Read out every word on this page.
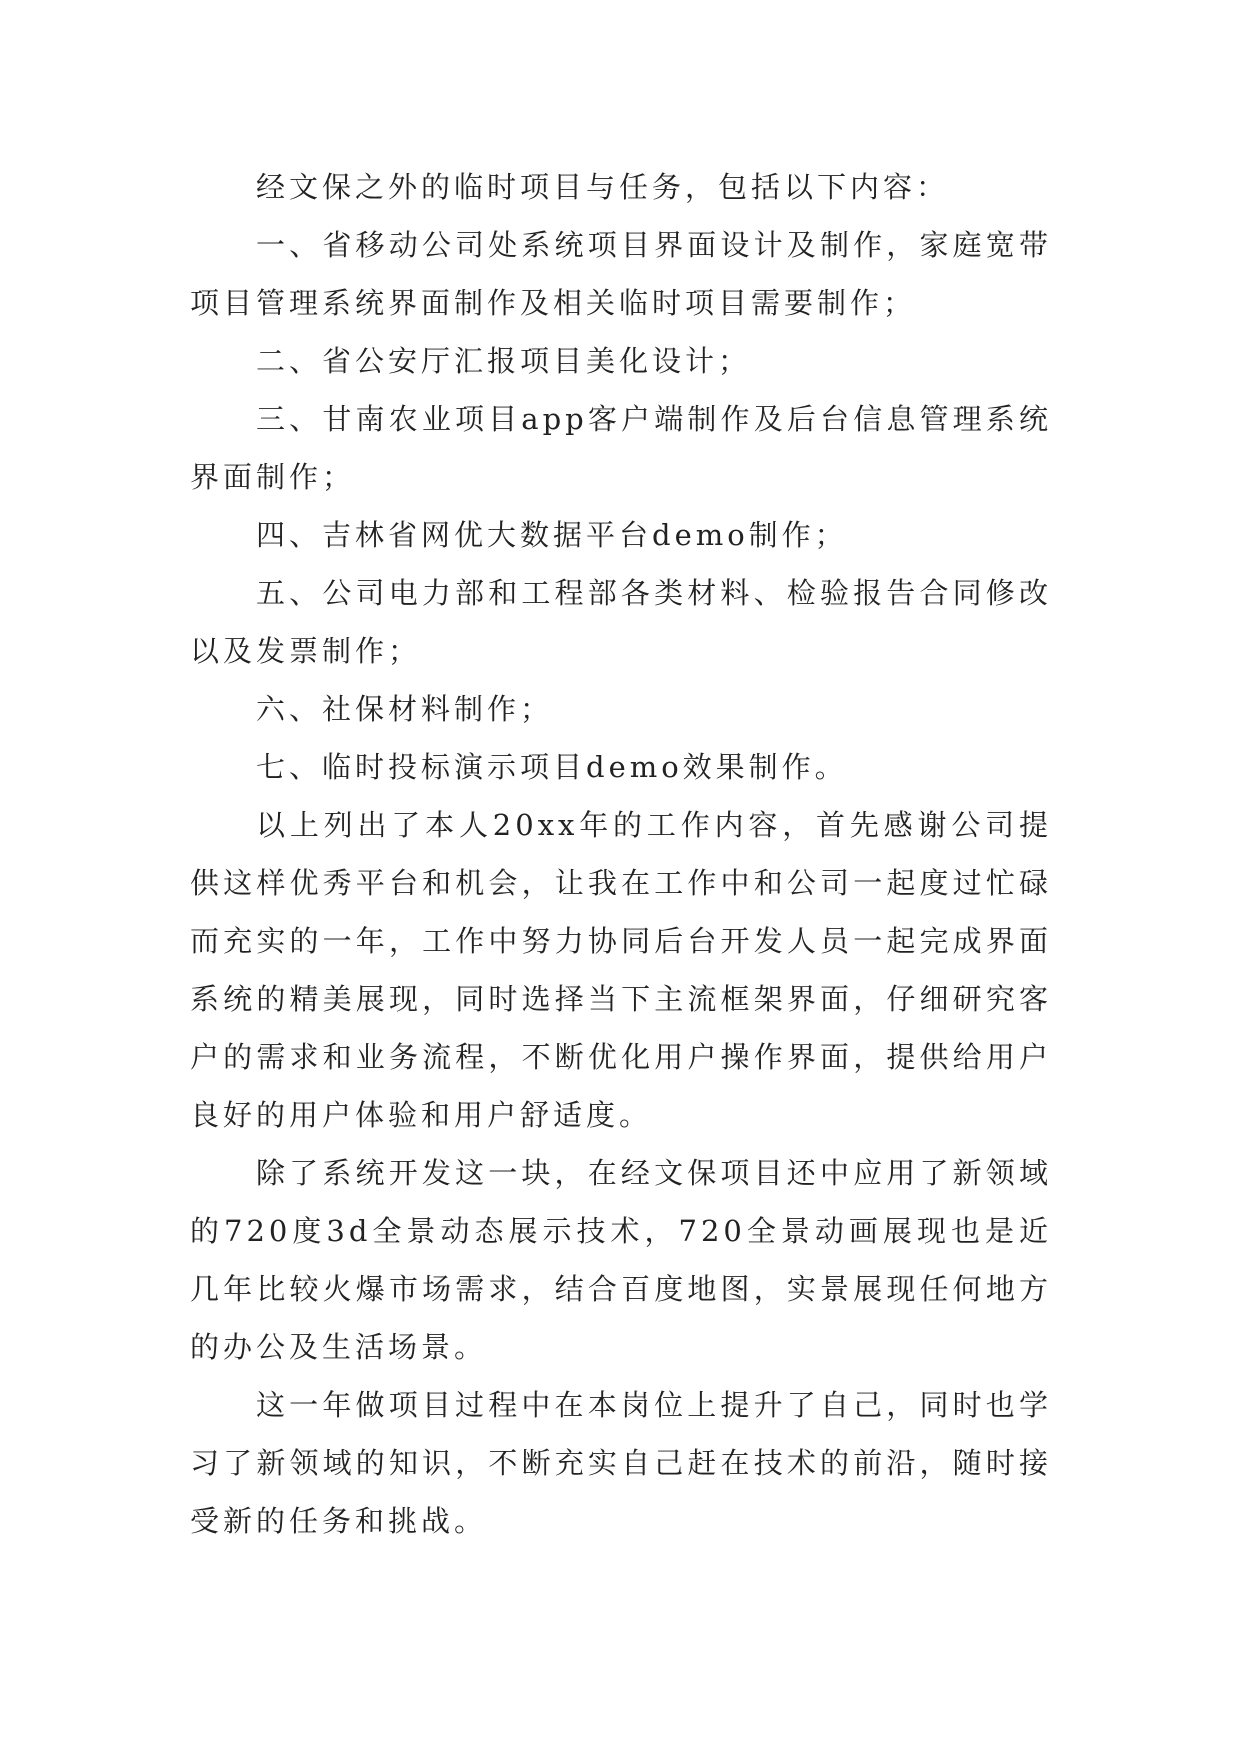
经文保之外的临时项目与任务，包括以下内容：

一、省移动公司处系统项目界面设计及制作，家庭宽带项目管理系统界面制作及相关临时项目需要制作；

二、省公安厅汇报项目美化设计；

三、甘南农业项目app客户端制作及后台信息管理系统界面制作；

四、吉林省网优大数据平台demo制作；

五、公司电力部和工程部各类材料、检验报告合同修改以及发票制作；

六、社保材料制作；

七、临时投标演示项目demo效果制作。

以上列出了本人20xx年的工作内容，首先感谢公司提供这样优秀平台和机会，让我在工作中和公司一起度过忙碌而充实的一年，工作中努力协同后台开发人员一起完成界面系统的精美展现，同时选择当下主流框架界面，仔细研究客户的需求和业务流程，不断优化用户操作界面，提供给用户良好的用户体验和用户舒适度。

除了系统开发这一块，在经文保项目还中应用了新领域的720度3d全景动态展示技术，720全景动画展现也是近几年比较火爆市场需求，结合百度地图，实景展现任何地方的办公及生活场景。

这一年做项目过程中在本岗位上提升了自己，同时也学习了新领域的知识，不断充实自己赶在技术的前沿，随时接受新的任务和挑战。
